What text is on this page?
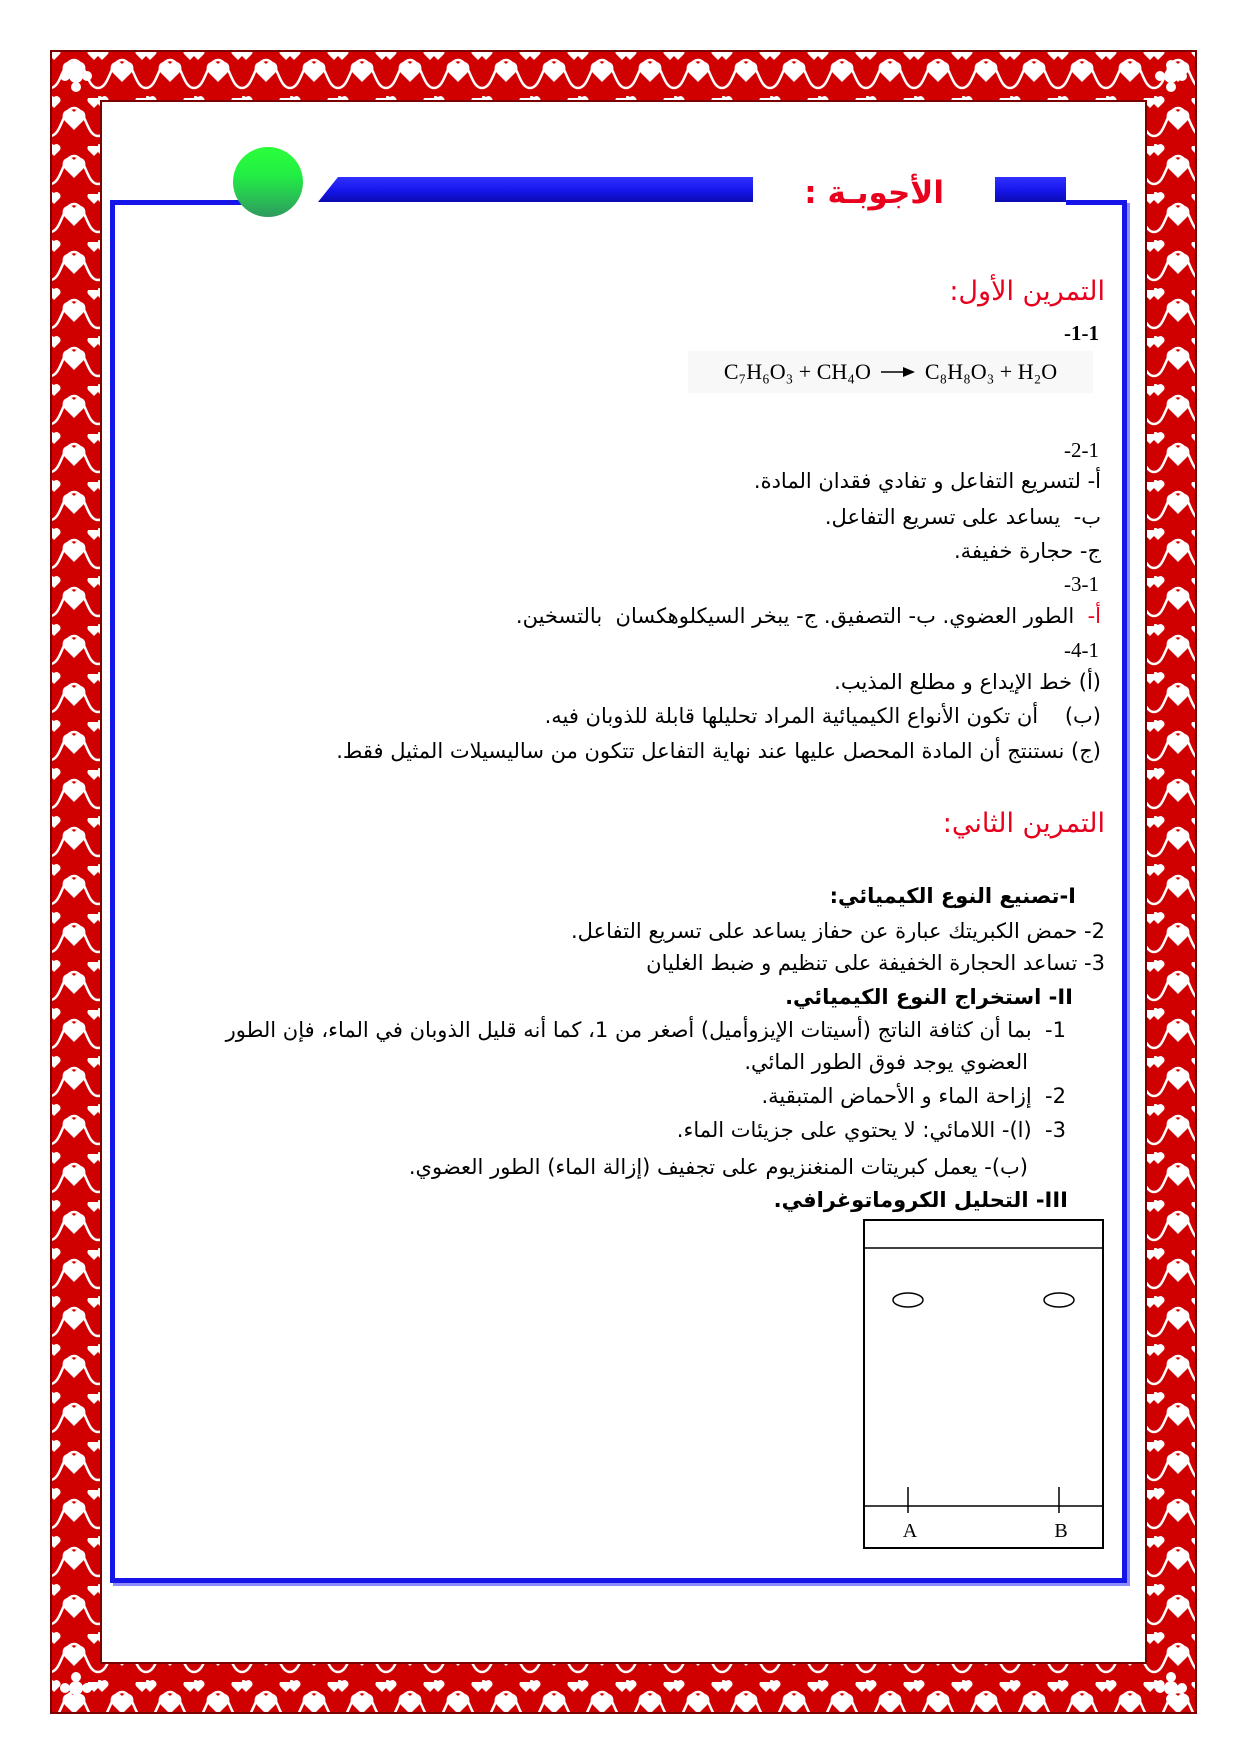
الأجوبـة :
التمرين الأول:
-1-1
C₇H₆O₃ + CH₄O →
C₈H₈O₃ + H₂O
-2-1
أ- لتسريع التفاعل و تفادي فقدان المادة.
ب-  يساعد على تسريع التفاعل.
ج- حجارة خفيفة.
-3-1
أ-  الطور العضوي. ب- التصفيق. ج- يبخر السيكلوهكسان  بالتسخين.
-4-1
(أ) خط الإيداع و مطلع المذيب.
(ب)    أن تكون الأنواع الكيميائية المراد تحليلها قابلة للذوبان فيه.
(ج) نستنتج أن المادة المحصل عليها عند نهاية التفاعل تتكون من ساليسيلات المثيل فقط.
التمرين الثاني:
I-تصنيع النوع الكيميائي:
2- حمض الكبريتك عبارة عن حفاز يساعد على تسريع التفاعل.
3- تساعد الحجارة الخفيفة على تنظيم و ضبط الغليان
II- استخراج النوع الكيميائي.
1-  بما أن كثافة الناتج (أسيتات الإيزوأميل) أصغر من 1، كما أنه قليل الذوبان في الماء، فإن الطور
العضوي يوجد فوق الطور المائي.
2-  إزاحة الماء و الأحماض المتبقية.
3-  (ا)- اللامائي: لا يحتوي على جزيئات الماء.
(ب)- يعمل كبريتات المنغنزيوم على تجفيف (إزالة الماء) الطور العضوي.
III- التحليل الكروماتوغرافي.
A	B
